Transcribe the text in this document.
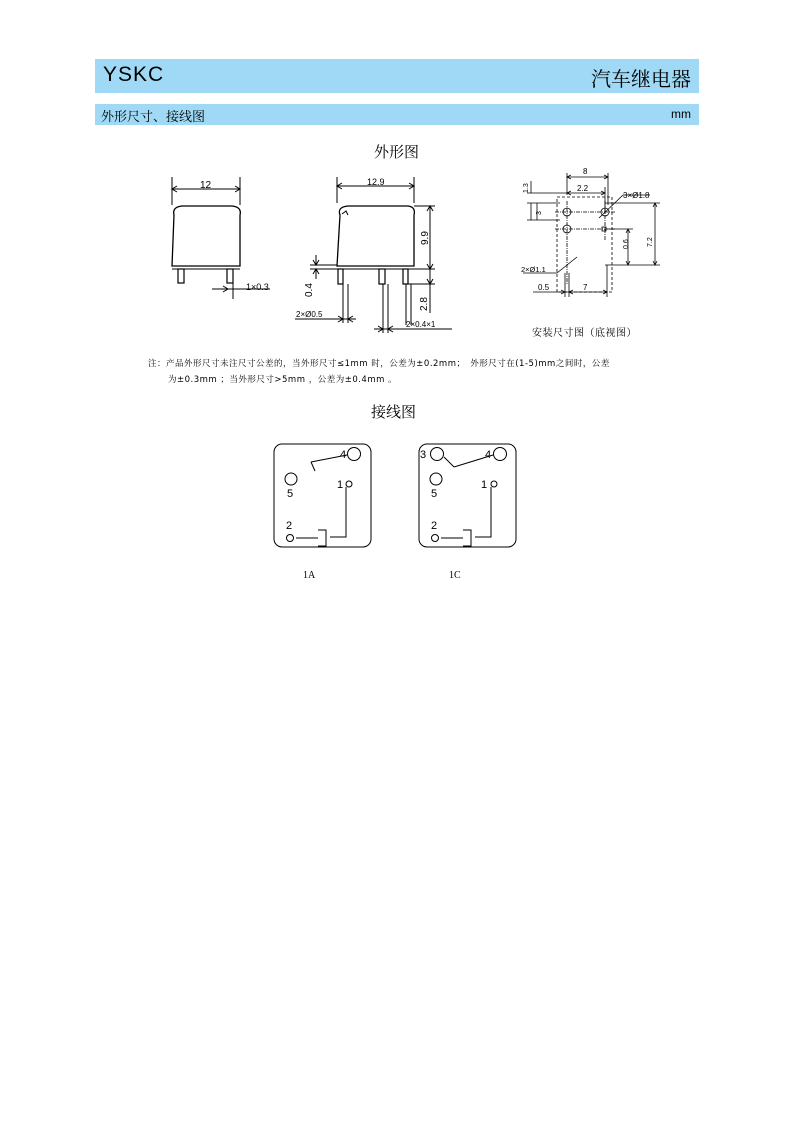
YSKC	汽车继电器
外形尺寸、接线图	mm
外形图
12
1×0.3
12.9
9.9
0.4
2.8
2×Ø0.5
2×0.4×1
8
2.2
3×Ø1.8
1.3
3
0.6 7.2
2×Ø1.1
0.5	7
安装尺寸图（底视图）
注：产品外形尺寸未注尺寸公差的，当外形尺寸≤1mm 时，公差为±0.2mm；　外形尺寸在(1-5)mm之间时，公差
为±0.3mm ；当外形尺寸>5mm ，公差为±0.4mm 。
接线图
4
5
1
2
1A
3	4
5
1
2
1C
